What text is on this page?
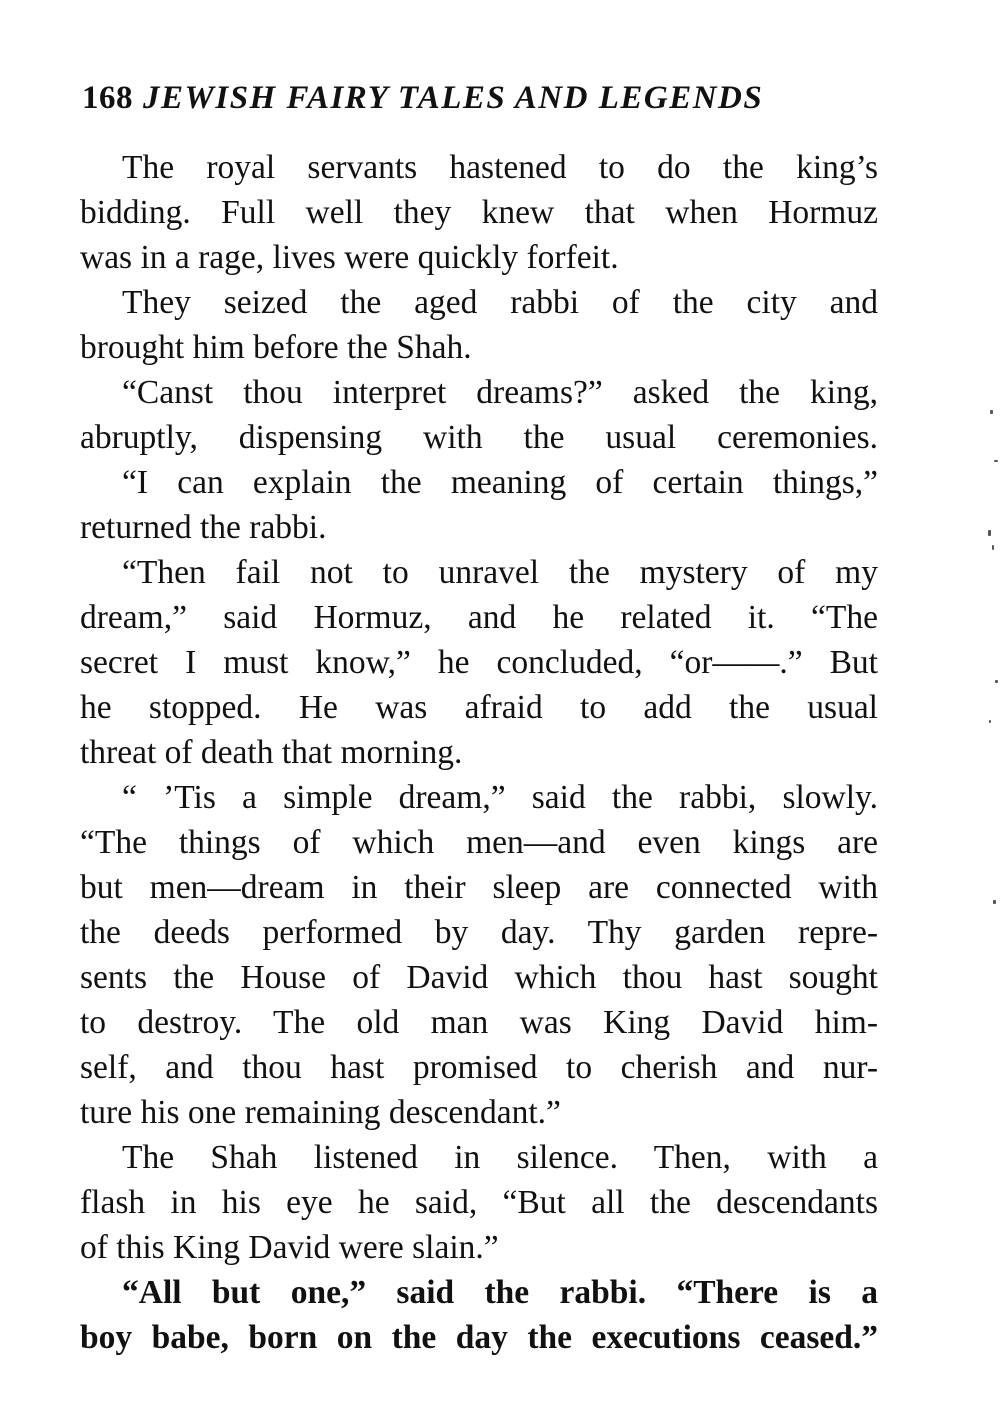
168 JEWISH FAIRY TALES AND LEGENDS
The royal servants hastened to do the king’s
bidding. Full well they knew that when Hormuz
was in a rage, lives were quickly forfeit.
They seized the aged rabbi of the city and
brought him before the Shah.
“Canst thou interpret dreams?” asked the king,
abruptly, dispensing with the usual ceremonies.
“I can explain the meaning of certain things,”
returned the rabbi.
“Then fail not to unravel the mystery of my
dream,” said Hormuz, and he related it. “The
secret I must know,” he concluded, “or——.” But
he stopped. He was afraid to add the usual
threat of death that morning.
“ ’Tis a simple dream,” said the rabbi, slowly.
“The things of which men—and even kings are
but men—dream in their sleep are connected with
the deeds performed by day. Thy garden repre-
sents the House of David which thou hast sought
to destroy. The old man was King David him-
self, and thou hast promised to cherish and nur-
ture his one remaining descendant.”
The Shah listened in silence. Then, with a
flash in his eye he said, “But all the descendants
of this King David were slain.”
“All but one,” said the rabbi. “There is a
boy babe, born on the day the executions ceased.”
